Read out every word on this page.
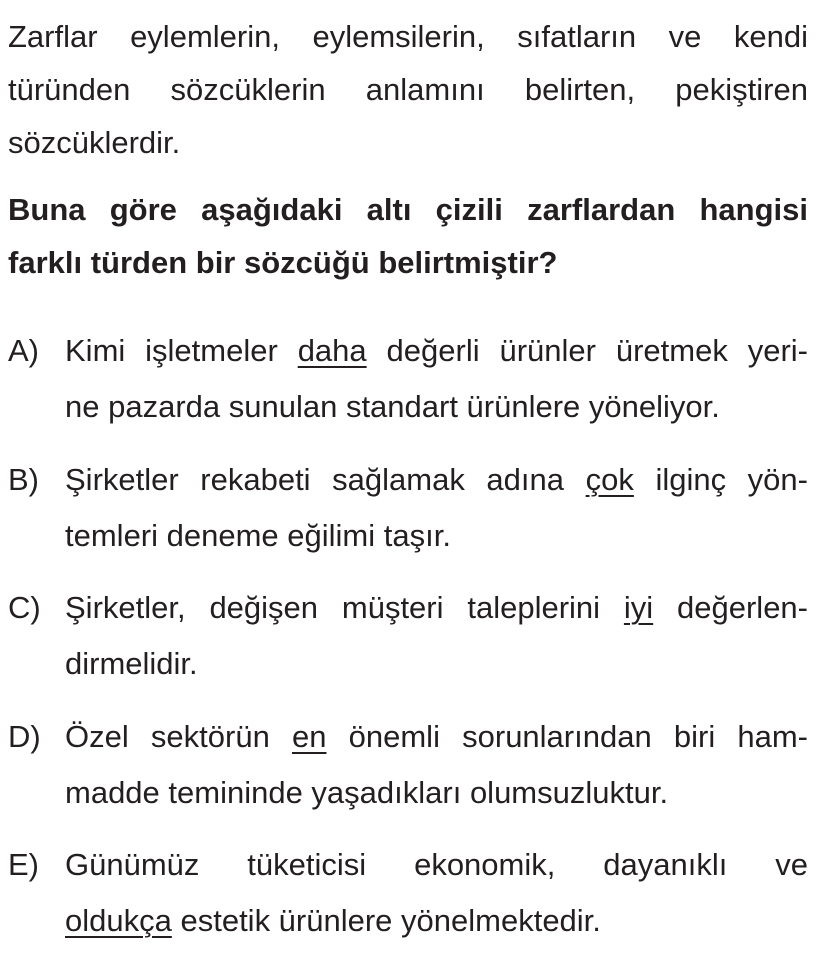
Zarflar eylemlerin, eylemsilerin, sıfatların ve kendi
türünden sözcüklerin anlamını belirten, pekiştiren
sözcüklerdir.
Buna göre aşağıdaki altı çizili zarflardan hangisi
farklı türden bir sözcüğü belirtmiştir?
A) Kimi işletmeler daha değerli ürünler üretmek yeri-
ne pazarda sunulan standart ürünlere yöneliyor.
B) Şirketler rekabeti sağlamak adına çok ilginç yön-
temleri deneme eğilimi taşır.
C) Şirketler, değişen müşteri taleplerini iyi değerlen-
dirmelidir.
D) Özel sektörün en önemli sorunlarından biri ham-
madde temininde yaşadıkları olumsuzluktur.
E) Günümüz tüketicisi ekonomik, dayanıklı ve
oldukça estetik ürünlere yönelmektedir.
